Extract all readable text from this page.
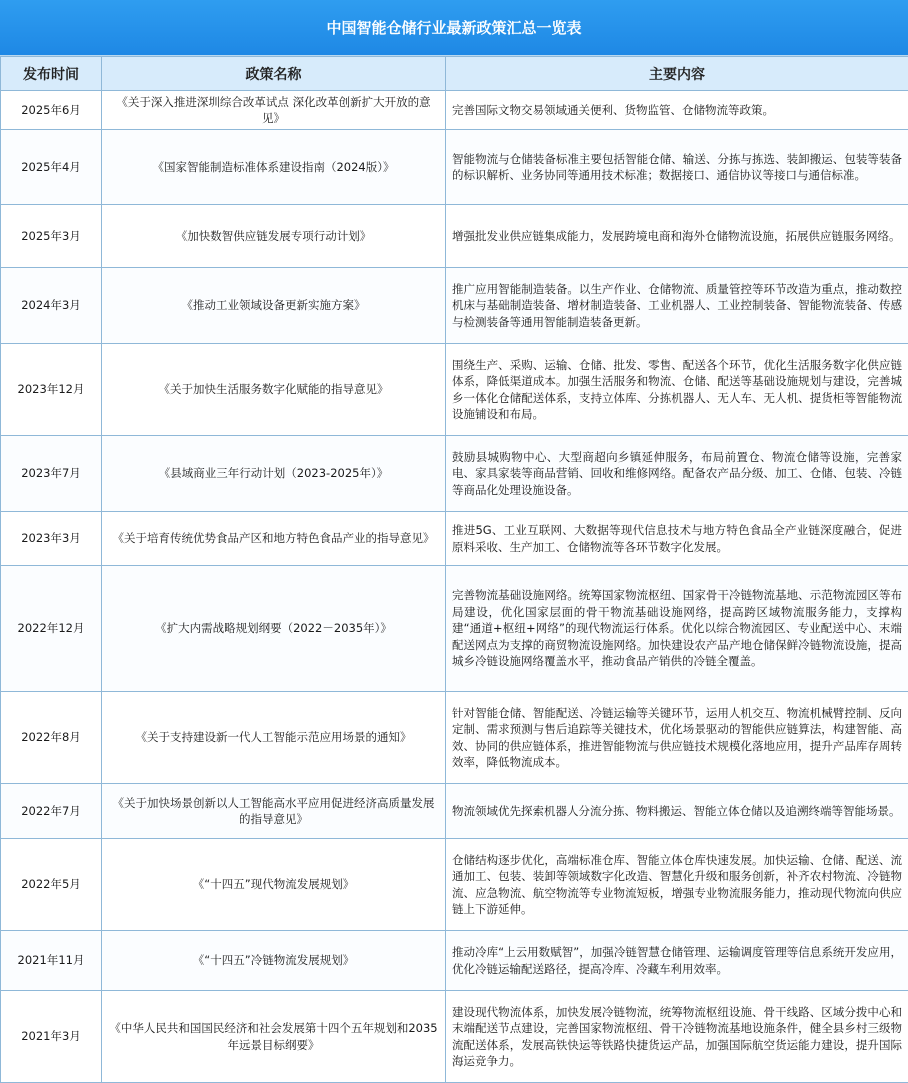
中国智能仓储行业最新政策汇总一览表
发布时间	政策名称	主要内容
2025年6月	《关于深入推进深圳综合改革试点 深化改革创新扩大开放的意见》	完善国际文物交易领域通关便利、货物监管、仓储物流等政策。
2025年4月	《国家智能制造标准体系建设指南（2024版）》	智能物流与仓储装备标准主要包括智能仓储、输送、分拣与拣选、装卸搬运、包装等装备的标识解析、业务协同等通用技术标准；数据接口、通信协议等接口与通信标准。
2025年3月	《加快数智供应链发展专项行动计划》	增强批发业供应链集成能力，发展跨境电商和海外仓储物流设施，拓展供应链服务网络。
2024年3月	《推动工业领域设备更新实施方案》	推广应用智能制造装备。以生产作业、仓储物流、质量管控等环节改造为重点，推动数控机床与基础制造装备、增材制造装备、工业机器人、工业控制装备、智能物流装备、传感与检测装备等通用智能制造装备更新。
2023年12月	《关于加快生活服务数字化赋能的指导意见》	围绕生产、采购、运输、仓储、批发、零售、配送各个环节，优化生活服务数字化供应链体系，降低渠道成本。加强生活服务和物流、仓储、配送等基础设施规划与建设，完善城乡一体化仓储配送体系，支持立体库、分拣机器人、无人车、无人机、提货柜等智能物流设施铺设和布局。
2023年7月	《县域商业三年行动计划（2023-2025年）》	鼓励县城购物中心、大型商超向乡镇延伸服务，布局前置仓、物流仓储等设施，完善家电、家具家装等商品营销、回收和维修网络。配备农产品分级、加工、仓储、包装、冷链等商品化处理设施设备。
2023年3月	《关于培育传统优势食品产区和地方特色食品产业的指导意见》	推进5G、工业互联网、大数据等现代信息技术与地方特色食品全产业链深度融合，促进原料采收、生产加工、仓储物流等各环节数字化发展。
2022年12月	《扩大内需战略规划纲要（2022－2035年）》	完善物流基础设施网络。统筹国家物流枢纽、国家骨干冷链物流基地、示范物流园区等布局建设，优化国家层面的骨干物流基础设施网络，提高跨区域物流服务能力，支撑构建“通道+枢纽+网络”的现代物流运行体系。优化以综合物流园区、专业配送中心、末端配送网点为支撑的商贸物流设施网络。加快建设农产品产地仓储保鲜冷链物流设施，提高城乡冷链设施网络覆盖水平，推动食品产销供的冷链全覆盖。
2022年8月	《关于支持建设新一代人工智能示范应用场景的通知》	针对智能仓储、智能配送、冷链运输等关键环节，运用人机交互、物流机械臂控制、反向定制、需求预测与售后追踪等关键技术，优化场景驱动的智能供应链算法，构建智能、高效、协同的供应链体系，推进智能物流与供应链技术规模化落地应用，提升产品库存周转效率，降低物流成本。
2022年7月	《关于加快场景创新以人工智能高水平应用促进经济高质量发展的指导意见》	物流领域优先探索机器人分流分拣、物料搬运、智能立体仓储以及追溯终端等智能场景。
2022年5月	《“十四五”现代物流发展规划》	仓储结构逐步优化，高端标准仓库、智能立体仓库快速发展。加快运输、仓储、配送、流通加工、包装、装卸等领域数字化改造、智慧化升级和服务创新，补齐农村物流、冷链物流、应急物流、航空物流等专业物流短板，增强专业物流服务能力，推动现代物流向供应链上下游延伸。
2021年11月	《“十四五”冷链物流发展规划》	推动冷库“上云用数赋智”，加强冷链智慧仓储管理、运输调度管理等信息系统开发应用，优化冷链运输配送路径，提高冷库、冷藏车利用效率。
2021年3月	《中华人民共和国国民经济和社会发展第十四个五年规划和2035年远景目标纲要》	建设现代物流体系，加快发展冷链物流，统筹物流枢纽设施、骨干线路、区域分拨中心和末端配送节点建设，完善国家物流枢纽、骨干冷链物流基地设施条件，健全县乡村三级物流配送体系，发展高铁快运等铁路快捷货运产品，加强国际航空货运能力建设，提升国际海运竞争力。
